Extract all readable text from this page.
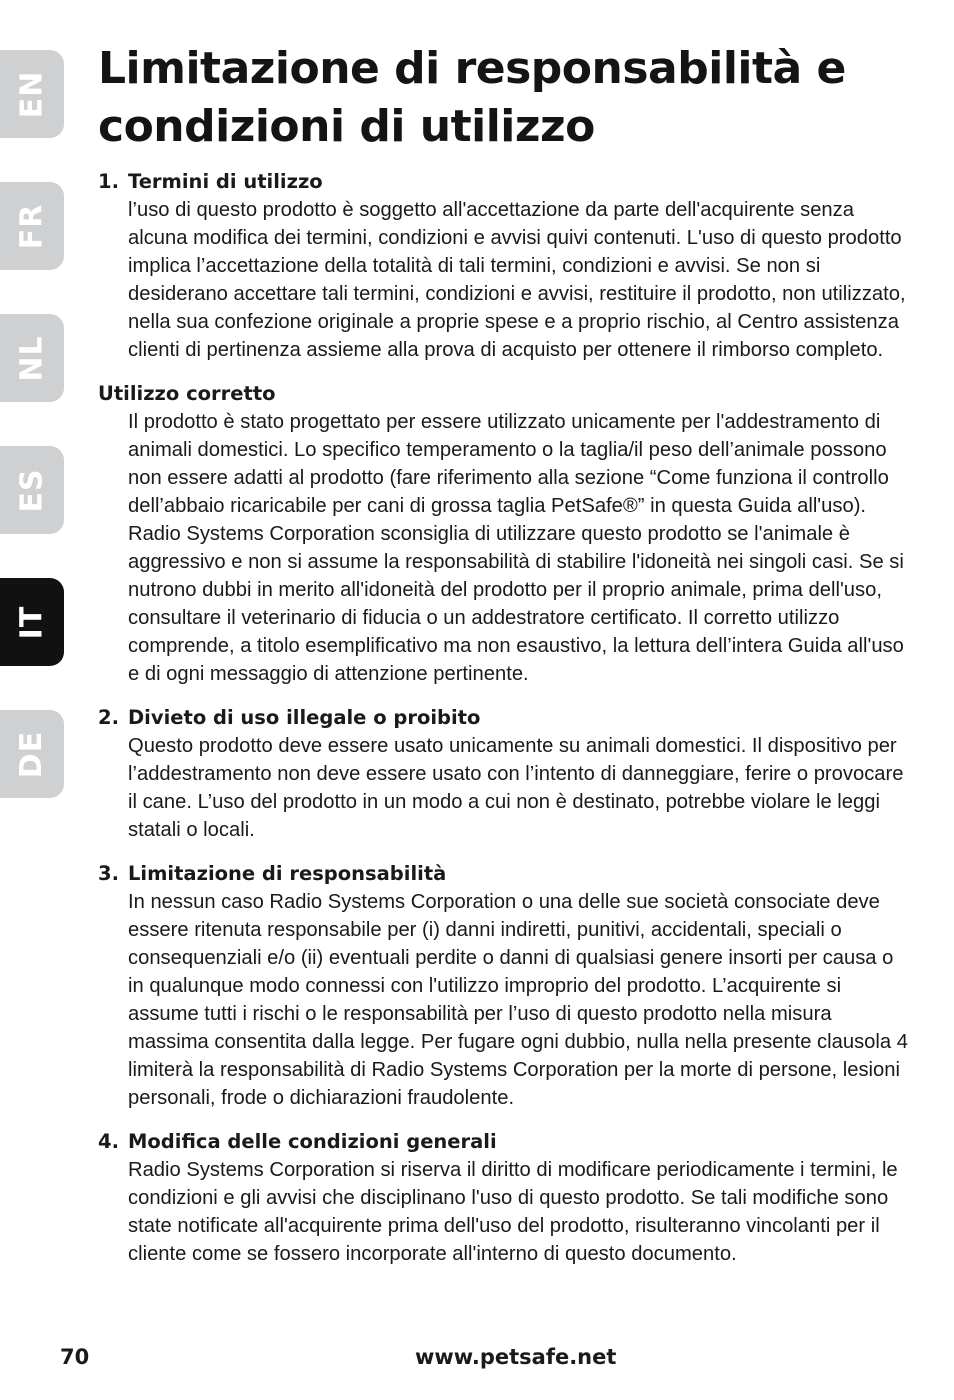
EN
FR
NL
ES
IT
DE
Limitazione di responsabilità e condizioni di utilizzo
1. Termini di utilizzo

l’uso di questo prodotto è soggetto all'accettazione da parte dell'acquirente senza alcuna modifica dei termini, condizioni e avvisi quivi contenuti. L'uso di questo prodotto implica l’accettazione della totalità di tali termini, condizioni e avvisi. Se non si desiderano accettare tali termini, condizioni e avvisi, restituire il prodotto, non utilizzato, nella sua confezione originale a proprie spese e a proprio rischio, al Centro assistenza clienti di pertinenza assieme alla prova di acquisto per ottenere il rimborso completo.

Utilizzo corretto

Il prodotto è stato progettato per essere utilizzato unicamente per l'addestramento di animali domestici. Lo specifico temperamento o la taglia/il peso dell’animale possono non essere adatti al prodotto (fare riferimento alla sezione “Come funziona il controllo dell’abbaio ricaricabile per cani di grossa taglia PetSafe®” in questa Guida all'uso). Radio Systems Corporation sconsiglia di utilizzare questo prodotto se l'animale è aggressivo e non si assume la responsabilità di stabilire l'idoneità nei singoli casi. Se si nutrono dubbi in merito all'idoneità del prodotto per il proprio animale, prima dell'uso, consultare il veterinario di fiducia o un addestratore certificato. Il corretto utilizzo comprende, a titolo esemplificativo ma non esaustivo, la lettura dell’intera Guida all'uso e di ogni messaggio di attenzione pertinente.

2. Divieto di uso illegale o proibito

Questo prodotto deve essere usato unicamente su animali domestici. Il dispositivo per l’addestramento non deve essere usato con l’intento di danneggiare, ferire o provocare il cane. L’uso del prodotto in un modo a cui non è destinato, potrebbe violare le leggi statali o locali.

3. Limitazione di responsabilità

In nessun caso Radio Systems Corporation o una delle sue società consociate deve essere ritenuta responsabile per (i) danni indiretti, punitivi, accidentali, speciali o consequenziali e/o (ii) eventuali perdite o danni di qualsiasi genere insorti per causa o in qualunque modo connessi con l'utilizzo improprio del prodotto. L’acquirente si assume tutti i rischi o le responsabilità per l’uso di questo prodotto nella misura massima consentita dalla legge. Per fugare ogni dubbio, nulla nella presente clausola 4 limiterà la responsabilità di Radio Systems Corporation per la morte di persone, lesioni personali, frode o dichiarazioni fraudolente.

4. Modifica delle condizioni generali

Radio Systems Corporation si riserva il diritto di modificare periodicamente i termini, le condizioni e gli avvisi che disciplinano l'uso di questo prodotto. Se tali modifiche sono state notificate all'acquirente prima dell'uso del prodotto, risulteranno vincolanti per il cliente come se fossero incorporate all'interno di questo documento.

70	www.petsafe.net
